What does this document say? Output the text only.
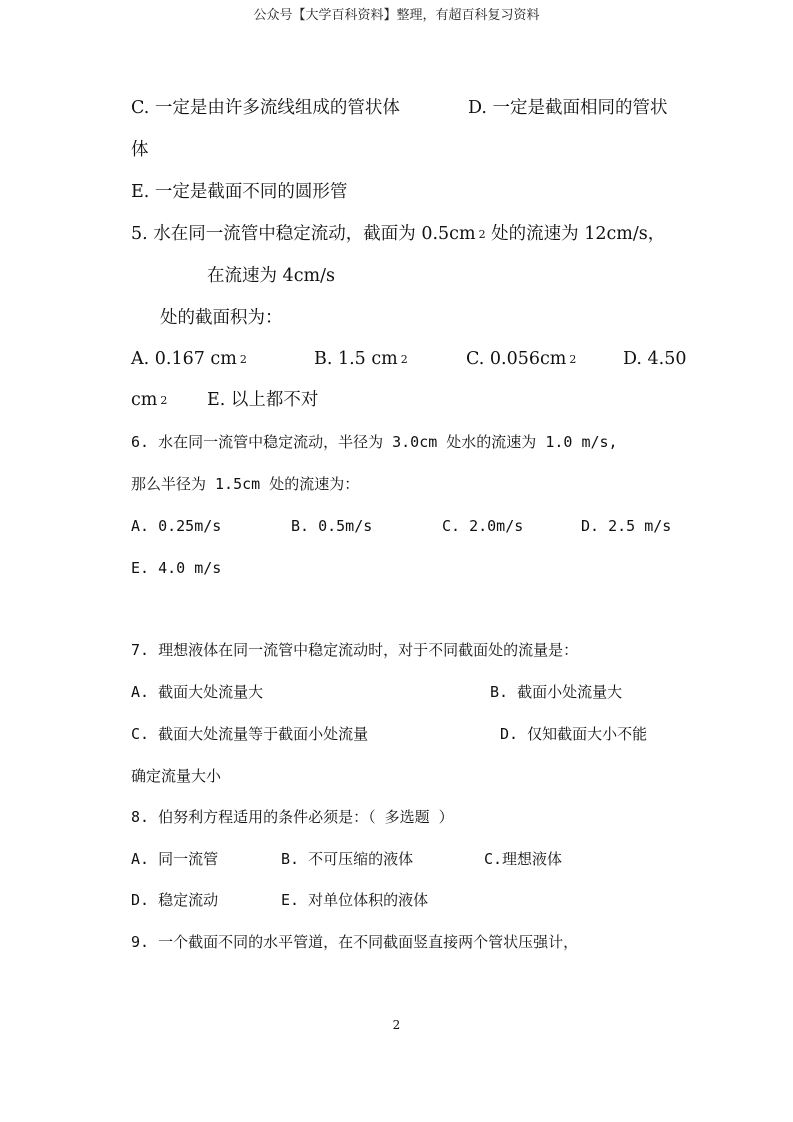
公众号【大学百科资料】整理，有超百科复习资料
C. 一定是由许多流线组成的管状体	D. 一定是截面相同的管状
体
E. 一定是截面不同的圆形管
5. 水在同一流管中稳定流动，截面为 0.5cm 2 处的流速为 12cm/s，
在流速为 4cm/s
处的截面积为：
A. 0.167 cm 2	B. 1.5 cm 2	C. 0.056cm 2	D. 4.50
cm 2 E. 以上都不对
6. 水在同一流管中稳定流动，半径为 3.0cm 处水的流速为 1.0 m/s,
那么半径为 1.5cm 处的流速为：
A. 0.25m/s	B. 0.5m/s	C. 2.0m/s	D. 2.5 m/s
E. 4.0 m/s
7. 理想液体在同一流管中稳定流动时，对于不同截面处的流量是：
A. 截面大处流量大	B. 截面小处流量大
C. 截面大处流量等于截面小处流量	D. 仅知截面大小不能
确定流量大小
8. 伯努利方程适用的条件必须是：（ 多选题 ）
A. 同一流管	B. 不可压缩的液体	C.理想液体
D. 稳定流动	E. 对单位体积的液体
9. 一个截面不同的水平管道，在不同截面竖直接两个管状压强计，
2
